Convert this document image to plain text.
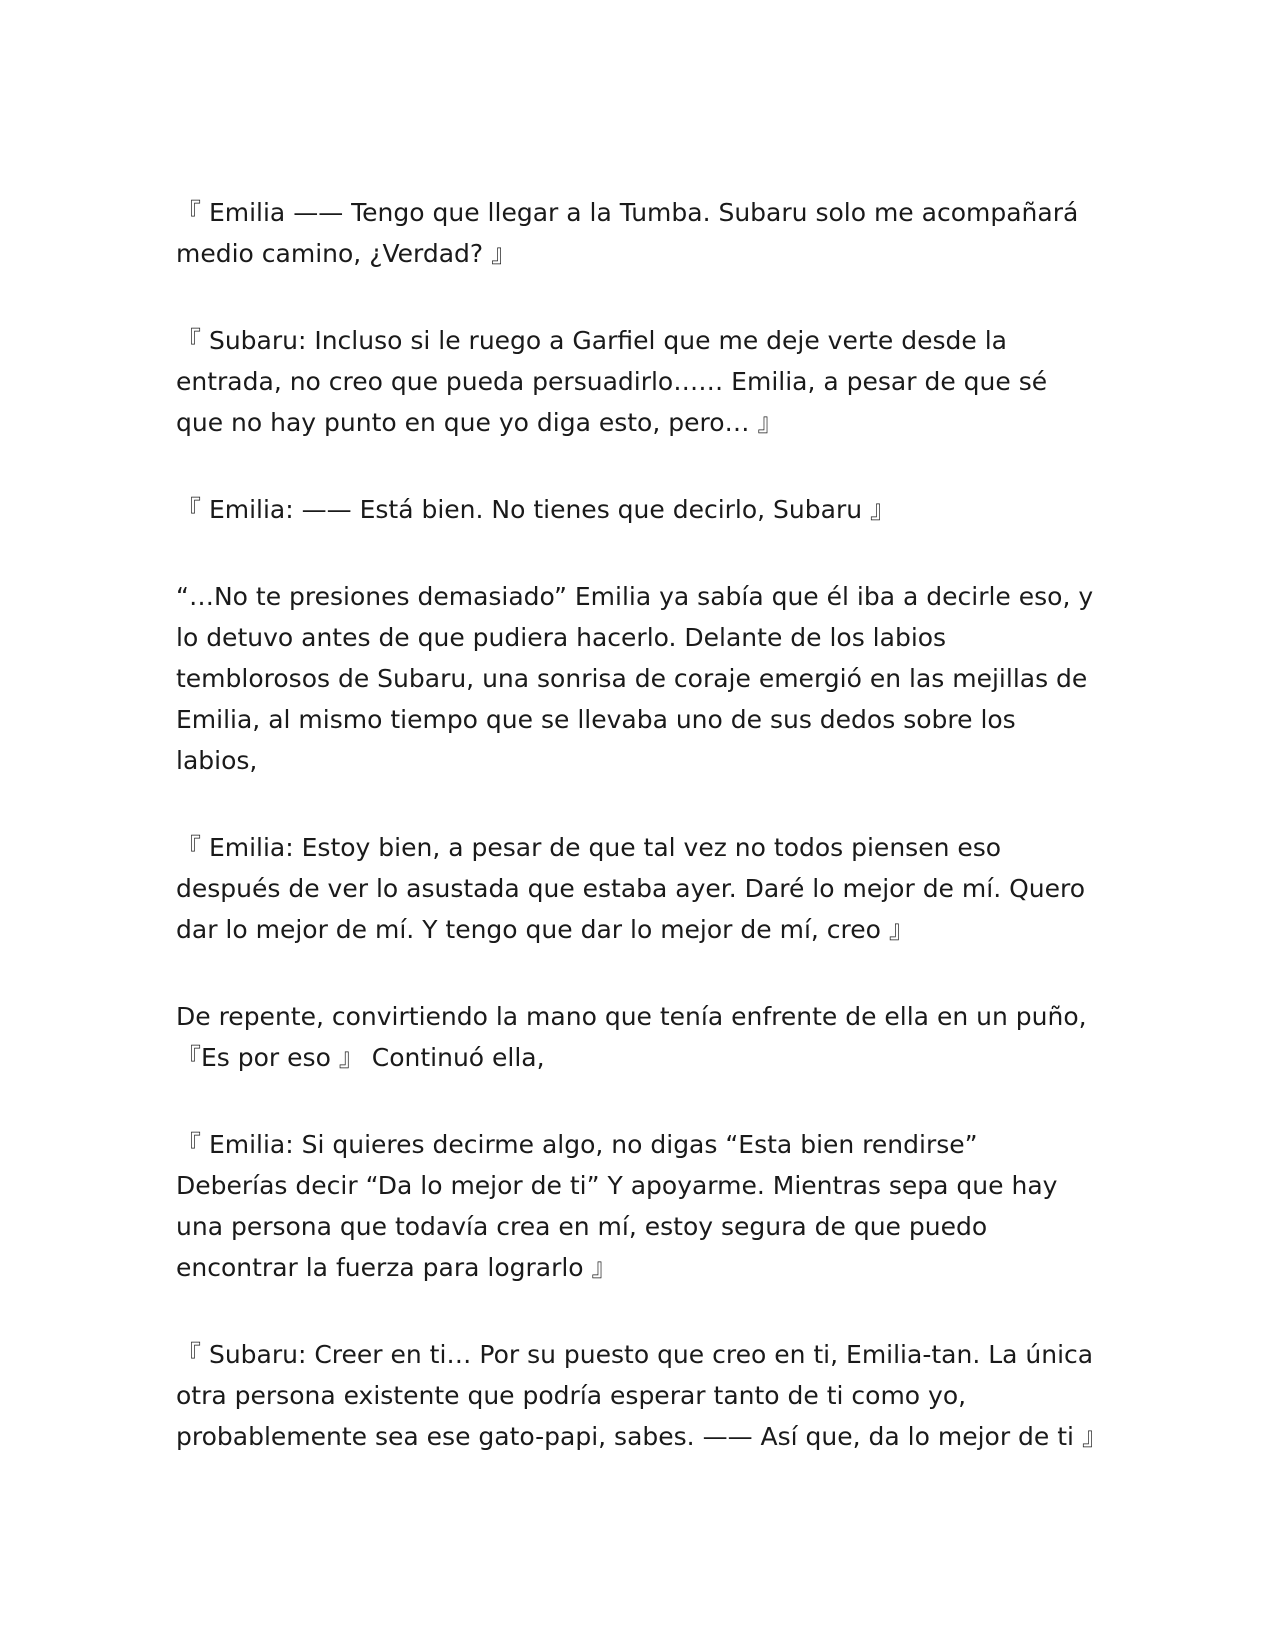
『 Emilia —— Tengo que llegar a la Tumba. Subaru solo me acompañará medio camino, ¿Verdad? 』

『 Subaru: Incluso si le ruego a Garfiel que me deje verte desde la entrada, no creo que pueda persuadirlo…… Emilia, a pesar de que sé que no hay punto en que yo diga esto, pero… 』

『 Emilia: —— Está bien. No tienes que decirlo, Subaru 』

“…No te presiones demasiado” Emilia ya sabía que él iba a decirle eso, y lo detuvo antes de que pudiera hacerlo. Delante de los labios temblorosos de Subaru, una sonrisa de coraje emergió en las mejillas de Emilia, al mismo tiempo que se llevaba uno de sus dedos sobre los labios,

『 Emilia: Estoy bien, a pesar de que tal vez no todos piensen eso después de ver lo asustada que estaba ayer. Daré lo mejor de mí. Quero dar lo mejor de mí. Y tengo que dar lo mejor de mí, creo 』

De repente, convirtiendo la mano que tenía enfrente de ella en un puño, 『Es por eso 』 Continuó ella,

『 Emilia: Si quieres decirme algo, no digas “Esta bien rendirse” Deberías decir “Da lo mejor de ti” Y apoyarme. Mientras sepa que hay una persona que todavía crea en mí, estoy segura de que puedo encontrar la fuerza para lograrlo 』

『 Subaru: Creer en ti… Por su puesto que creo en ti, Emilia-tan. La única otra persona existente que podría esperar tanto de ti como yo, probablemente sea ese gato-papi, sabes. —— Así que, da lo mejor de ti 』
